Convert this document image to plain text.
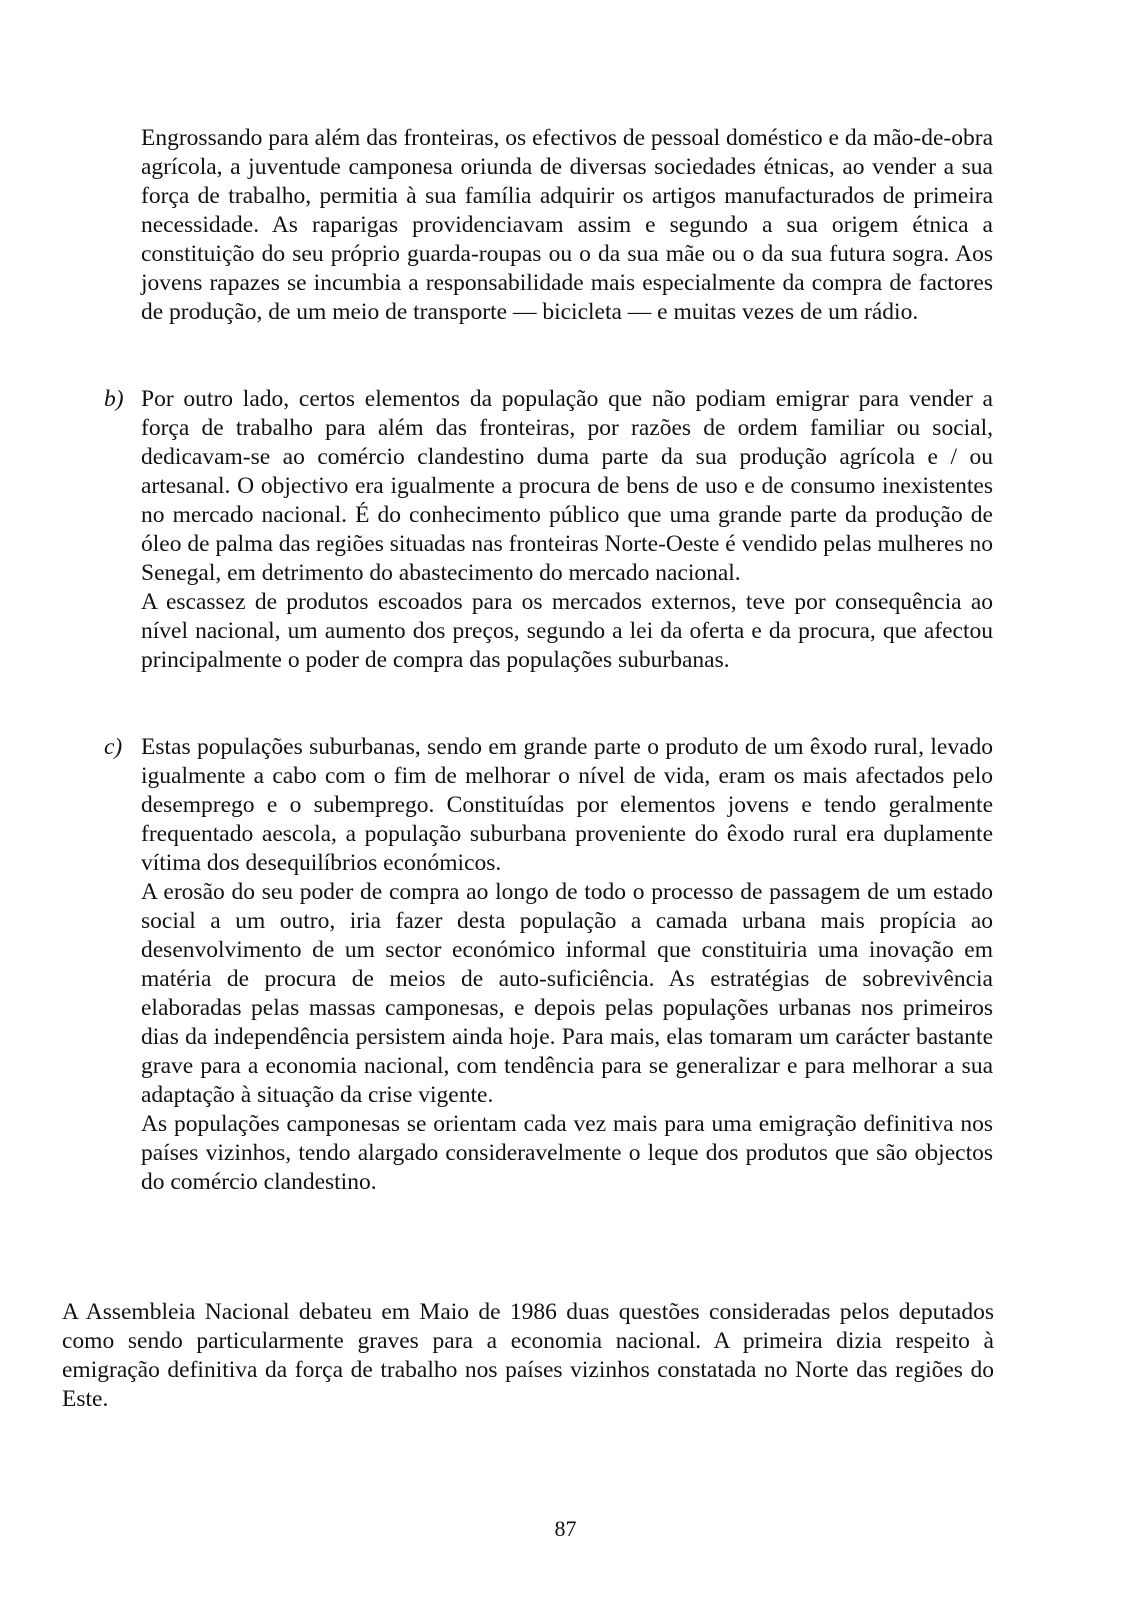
Engrossando para além das fronteiras, os efectivos de pessoal doméstico e da mão-de-obra agrícola, a juventude camponesa oriunda de diversas sociedades étnicas, ao vender a sua força de trabalho, permitia à sua família adquirir os artigos manufacturados de primeira necessidade. As raparigas providenciavam assim e segundo a sua origem étnica a constituição do seu próprio guarda-roupas ou o da sua mãe ou o da sua futura sogra. Aos jovens rapazes se incumbia a responsabilidade mais especialmente da compra de factores de produção, de um meio de transporte — bicicleta — e muitas vezes de um rádio.

b) Por outro lado, certos elementos da população que não podiam emigrar para vender a força de trabalho para além das fronteiras, por razões de ordem familiar ou social, dedicavam-se ao comércio clandestino duma parte da sua produção agrícola e / ou artesanal. O objectivo era igualmente a procura de bens de uso e de consumo inexistentes no mercado nacional. É do conhecimento público que uma grande parte da produção de óleo de palma das regiões situadas nas fronteiras Norte-Oeste é vendido pelas mulheres no Senegal, em detrimento do abastecimento do mercado nacional.

A escassez de produtos escoados para os mercados externos, teve por consequência ao nível nacional, um aumento dos preços, segundo a lei da oferta e da procura, que afectou principalmente o poder de compra das populações suburbanas.

c) Estas populações suburbanas, sendo em grande parte o produto de um êxodo rural, levado igualmente a cabo com o fim de melhorar o nível de vida, eram os mais afectados pelo desemprego e o subemprego. Constituídas por elementos jovens e tendo geralmente frequentado aescola, a população suburbana proveniente do êxodo rural era duplamente vítima dos desequilíbrios económicos.

A erosão do seu poder de compra ao longo de todo o processo de passagem de um estado social a um outro, iria fazer desta população a camada urbana mais propícia ao desenvolvimento de um sector económico informal que constituiria uma inovação em matéria de procura de meios de auto-suficiência. As estratégias de sobrevivência elaboradas pelas massas camponesas, e depois pelas populações urbanas nos primeiros dias da independência persistem ainda hoje. Para mais, elas tomaram um carácter bastante grave para a economia nacional, com tendência para se generalizar e para melhorar a sua adaptação à situação da crise vigente.

As populações camponesas se orientam cada vez mais para uma emigração definitiva nos países vizinhos, tendo alargado consideravelmente o leque dos produtos que são objectos do comércio clandestino.

A Assembleia Nacional debateu em Maio de 1986 duas questões consideradas pelos deputados como sendo particularmente graves para a economia nacional. A primeira dizia respeito à emigração definitiva da força de trabalho nos países vizinhos constatada no Norte das regiões do Este.

87
